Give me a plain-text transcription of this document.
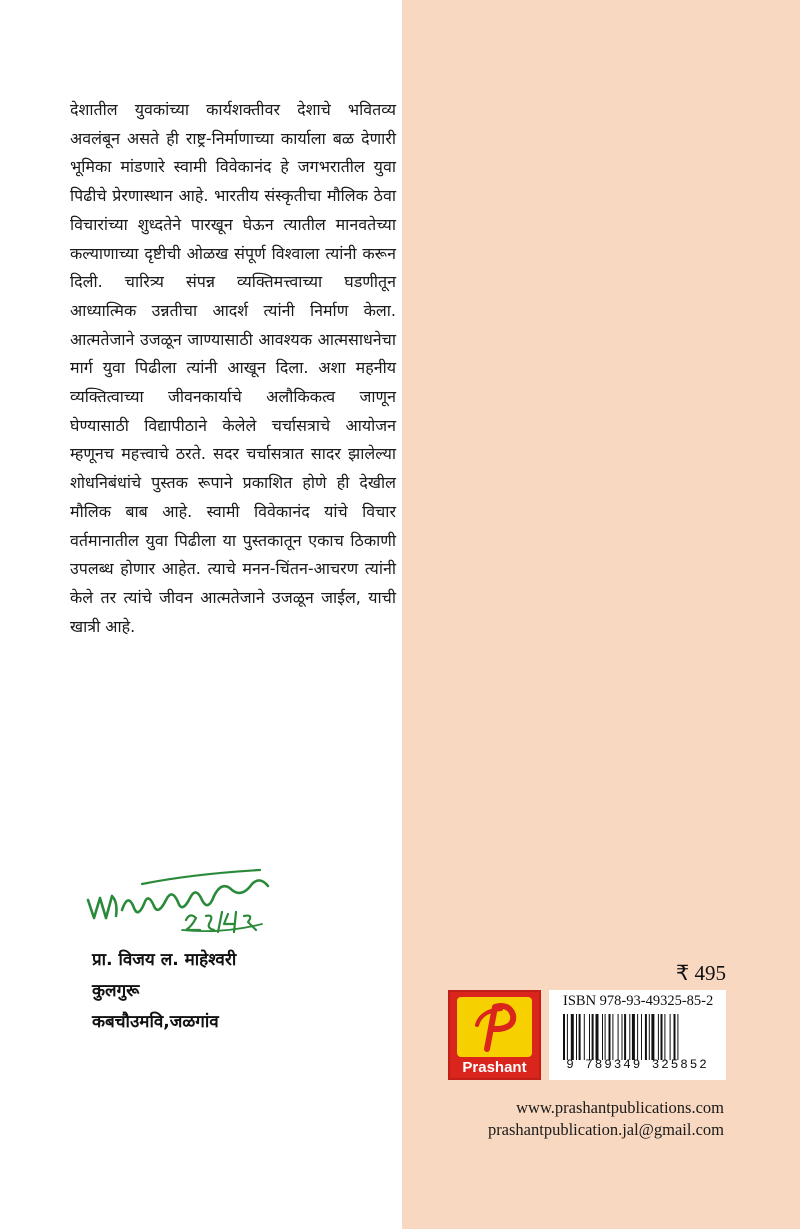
देशातील युवकांच्या कार्यशक्तीवर देशाचे भवितव्य अवलंबून असते ही राष्ट्र-निर्माणाच्या कार्याला बळ देणारी भूमिका मांडणारे स्वामी विवेकानंद हे जगभरातील युवा पिढीचे प्रेरणास्थान आहे. भारतीय संस्कृतीचा मौलिक ठेवा विचारांच्या शुध्दतेने पारखून घेऊन त्यातील मानवतेच्या कल्याणाच्या दृष्टीची ओळख संपूर्ण विश्वाला त्यांनी करून दिली. चारित्र्य संपन्न व्यक्तिमत्त्वाच्या घडणीतून आध्यात्मिक उन्नतीचा आदर्श त्यांनी निर्माण केला. आत्मतेजाने उजळून जाण्यासाठी आवश्यक आत्मसाधनेचा मार्ग युवा पिढीला त्यांनी आखून दिला. अशा महनीय व्यक्तित्वाच्या जीवनकार्याचे अलौकिकत्व जाणून घेण्यासाठी विद्यापीठाने केलेले चर्चासत्राचे आयोजन म्हणूनच महत्त्वाचे ठरते. सदर चर्चासत्रात सादर झालेल्या शोधनिबंधांचे पुस्तक रूपाने प्रकाशित होणे ही देखील मौलिक बाब आहे. स्वामी विवेकानंद यांचे विचार वर्तमानातील युवा पिढीला या पुस्तकातून एकाच ठिकाणी उपलब्ध होणार आहेत. त्याचे मनन-चिंतन-आचरण त्यांनी केले तर त्यांचे जीवन आत्मतेजाने उजळून जाईल, याची खात्री आहे.

प्रा. विजय ल. माहेश्वरी
कुलगुरू
कबचौउमवि,जळगांव
₹ 495
Prashant
ISBN 978-93-49325-85-2
9 789349 325852
www.prashantpublications.com
prashantpublication.jal@gmail.com
